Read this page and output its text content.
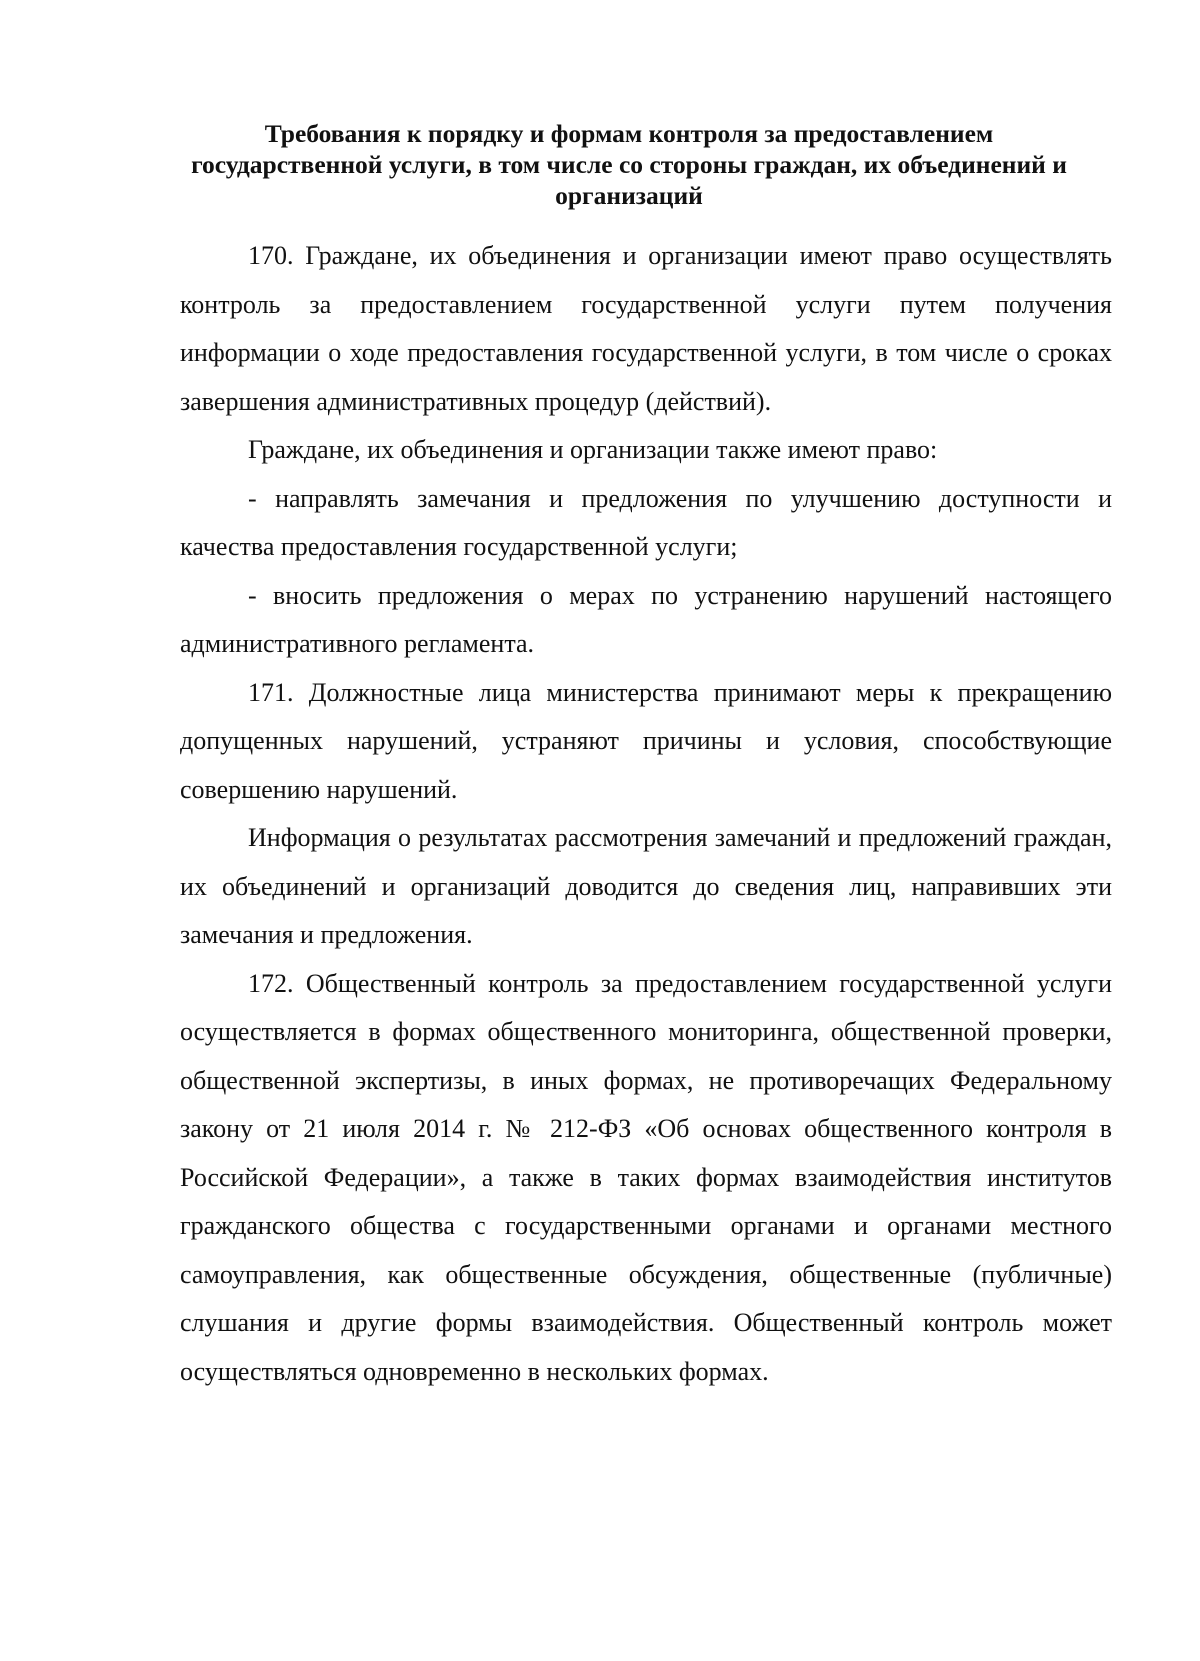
Требования к порядку и формам контроля за предоставлением государственной услуги, в том числе со стороны граждан, их объединений и организаций

170. Граждане, их объединения и организации имеют право осуществлять контроль за предоставлением государственной услуги путем получения информации о ходе предоставления государственной услуги, в том числе о сроках завершения административных процедур (действий).

Граждане, их объединения и организации также имеют право:

- направлять замечания и предложения по улучшению доступности и качества предоставления государственной услуги;

- вносить предложения о мерах по устранению нарушений настоящего административного регламента.

171. Должностные лица министерства принимают меры к прекращению допущенных нарушений, устраняют причины и условия, способствующие совершению нарушений.

Информация о результатах рассмотрения замечаний и предложений граждан, их объединений и организаций доводится до сведения лиц, направивших эти замечания и предложения.

172. Общественный контроль за предоставлением государственной услуги осуществляется в формах общественного мониторинга, общественной проверки, общественной экспертизы, в иных формах, не противоречащих Федеральному закону от 21 июля 2014 г. № 212-ФЗ «Об основах общественного контроля в Российской Федерации», а также в таких формах взаимодействия институтов гражданского общества с государственными органами и органами местного самоуправления, как общественные обсуждения, общественные (публичные) слушания и другие формы взаимодействия. Общественный контроль может осуществляться одновременно в нескольких формах.
